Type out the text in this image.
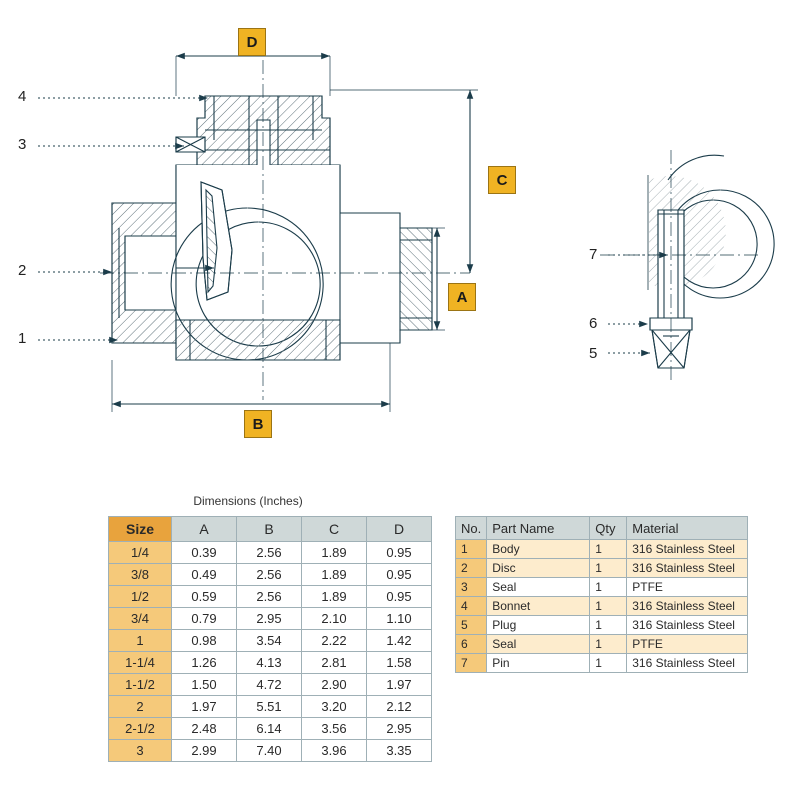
D
C
A
B
4
3
2
1
7
6
5
Dimensions (Inches)
Size	A	B	C	D
1/4	0.39	2.56	1.89	0.95
3/8	0.49	2.56	1.89	0.95
1/2	0.59	2.56	1.89	0.95
3/4	0.79	2.95	2.10	1.10
1	0.98	3.54	2.22	1.42
1-1/4	1.26	4.13	2.81	1.58
1-1/2	1.50	4.72	2.90	1.97
2	1.97	5.51	3.20	2.12
2-1/2	2.48	6.14	3.56	2.95
3	2.99	7.40	3.96	3.35
No.	Part Name	Qty	Material
1	Body	1	316 Stainless Steel
2	Disc	1	316 Stainless Steel
3	Seal	1	PTFE
4	Bonnet	1	316 Stainless Steel
5	Plug	1	316 Stainless Steel
6	Seal	1	PTFE
7	Pin	1	316 Stainless Steel
